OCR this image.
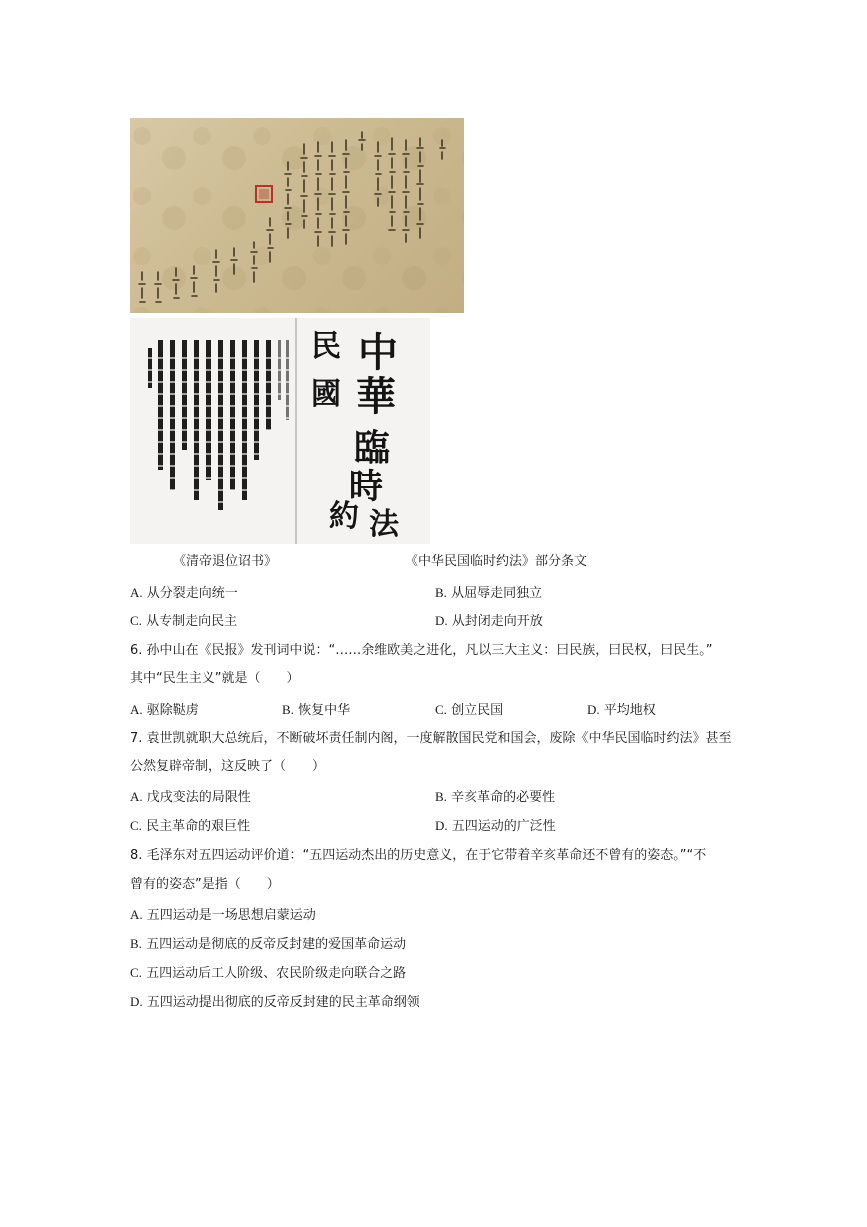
中
華
民
國
臨
時
約 法
《清帝退位诏书》	《中华民国临时约法》部分条文
A. 从分裂走向统一	B. 从屈辱走同独立
C. 从专制走向民主	D. 从封闭走向开放
6. 孙中山在《民报》发刊词中说：“……余维欧美之进化，凡以三大主义：曰民族，曰民权，曰民生。”
其中“民生主义”就是（　　）
A. 驱除鞑虏	B. 恢复中华	C. 创立民国	D. 平均地权
7. 袁世凯就职大总统后，不断破坏责任制内阁，一度解散国民党和国会，废除《中华民国临时约法》甚至
公然复辟帝制，这反映了（　　）
A. 戊戌变法的局限性	B. 辛亥革命的必要性
C. 民主革命的艰巨性	D. 五四运动的广泛性
8. 毛泽东对五四运动评价道：“五四运动杰出的历史意义，在于它带着辛亥革命还不曾有的姿态。”“不
曾有的姿态”是指（　　）
A. 五四运动是一场思想启蒙运动
B. 五四运动是彻底的反帝反封建的爱国革命运动
C. 五四运动后工人阶级、农民阶级走向联合之路
D. 五四运动提出彻底的反帝反封建的民主革命纲领
